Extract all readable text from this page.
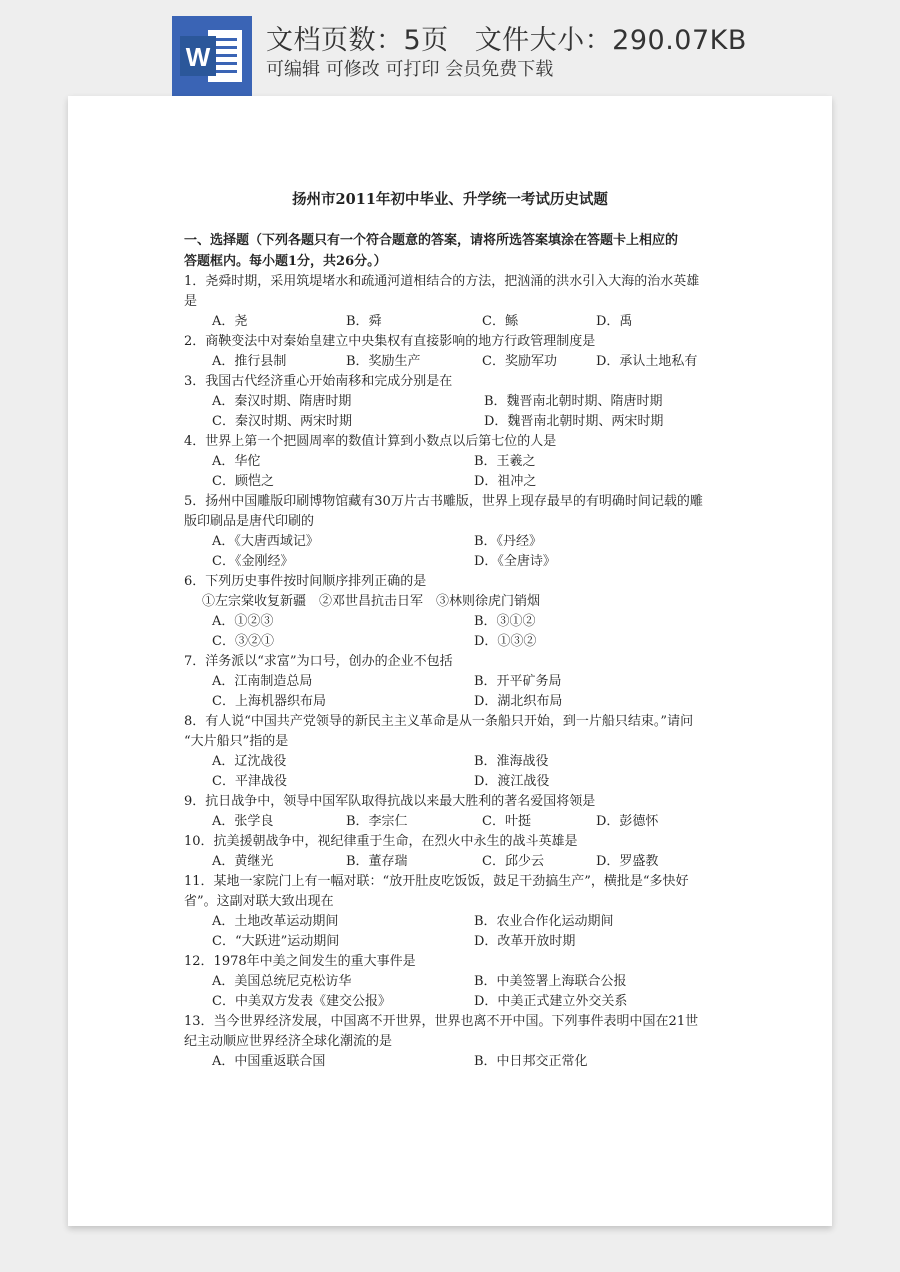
W
文档页数：5页 文件大小：290.07KB
可编辑 可修改 可打印 会员免费下载
扬州市2011年初中毕业、升学统一考试历史试题
一、选择题（下列各题只有一个符合题意的答案，请将所选答案填涂在答题卡上相应的
答题框内。每小题1分，共26分。）
1．尧舜时期，采用筑堤堵水和疏通河道相结合的方法，把汹涌的洪水引入大海的治水英雄
是
A．尧	B．舜	C．鲧	D．禹
2．商鞅变法中对秦始皇建立中央集权有直接影响的地方行政管理制度是
A．推行县制	B．奖励生产	C．奖励军功	D．承认土地私有
3．我国古代经济重心开始南移和完成分别是在
A．秦汉时期、隋唐时期	B．魏晋南北朝时期、隋唐时期
C．秦汉时期、两宋时期	D．魏晋南北朝时期、两宋时期
4．世界上第一个把圆周率的数值计算到小数点以后第七位的人是
A．华佗	B．王羲之
C．顾恺之	D．祖冲之
5．扬州中国雕版印刷博物馆藏有30万片古书雕版，世界上现存最早的有明确时间记载的雕
版印刷品是唐代印刷的
A．《大唐西域记》	B．《丹经》
C．《金刚经》	D．《全唐诗》
6．下列历史事件按时间顺序排列正确的是
①左宗棠收复新疆　②邓世昌抗击日军　③林则徐虎门销烟
A．①②③	B．③①②
C．③②①	D．①③②
7．洋务派以“求富”为口号，创办的企业不包括
A．江南制造总局	B．开平矿务局
C．上海机器织布局	D．湖北织布局
8．有人说“中国共产党领导的新民主主义革命是从一条船只开始，到一片船只结束。”请问
“大片船只”指的是
A．辽沈战役	B．淮海战役
C．平津战役	D．渡江战役
9．抗日战争中，领导中国军队取得抗战以来最大胜利的著名爱国将领是
A．张学良	B．李宗仁	C．叶挺	D．彭德怀
10．抗美援朝战争中，视纪律重于生命，在烈火中永生的战斗英雄是
A．黄继光	B．董存瑞	C．邱少云	D．罗盛教
11．某地一家院门上有一幅对联：“放开肚皮吃饭饭，鼓足干劲搞生产”，横批是“多快好
省”。这副对联大致出现在
A．土地改革运动期间	B．农业合作化运动期间
C．“大跃进”运动期间	D．改革开放时期
12．1978年中美之间发生的重大事件是
A．美国总统尼克松访华	B．中美签署上海联合公报
C．中美双方发表《建交公报》	D．中美正式建立外交关系
13．当今世界经济发展，中国离不开世界，世界也离不开中国。下列事件表明中国在21世
纪主动顺应世界经济全球化潮流的是
A．中国重返联合国	B．中日邦交正常化
